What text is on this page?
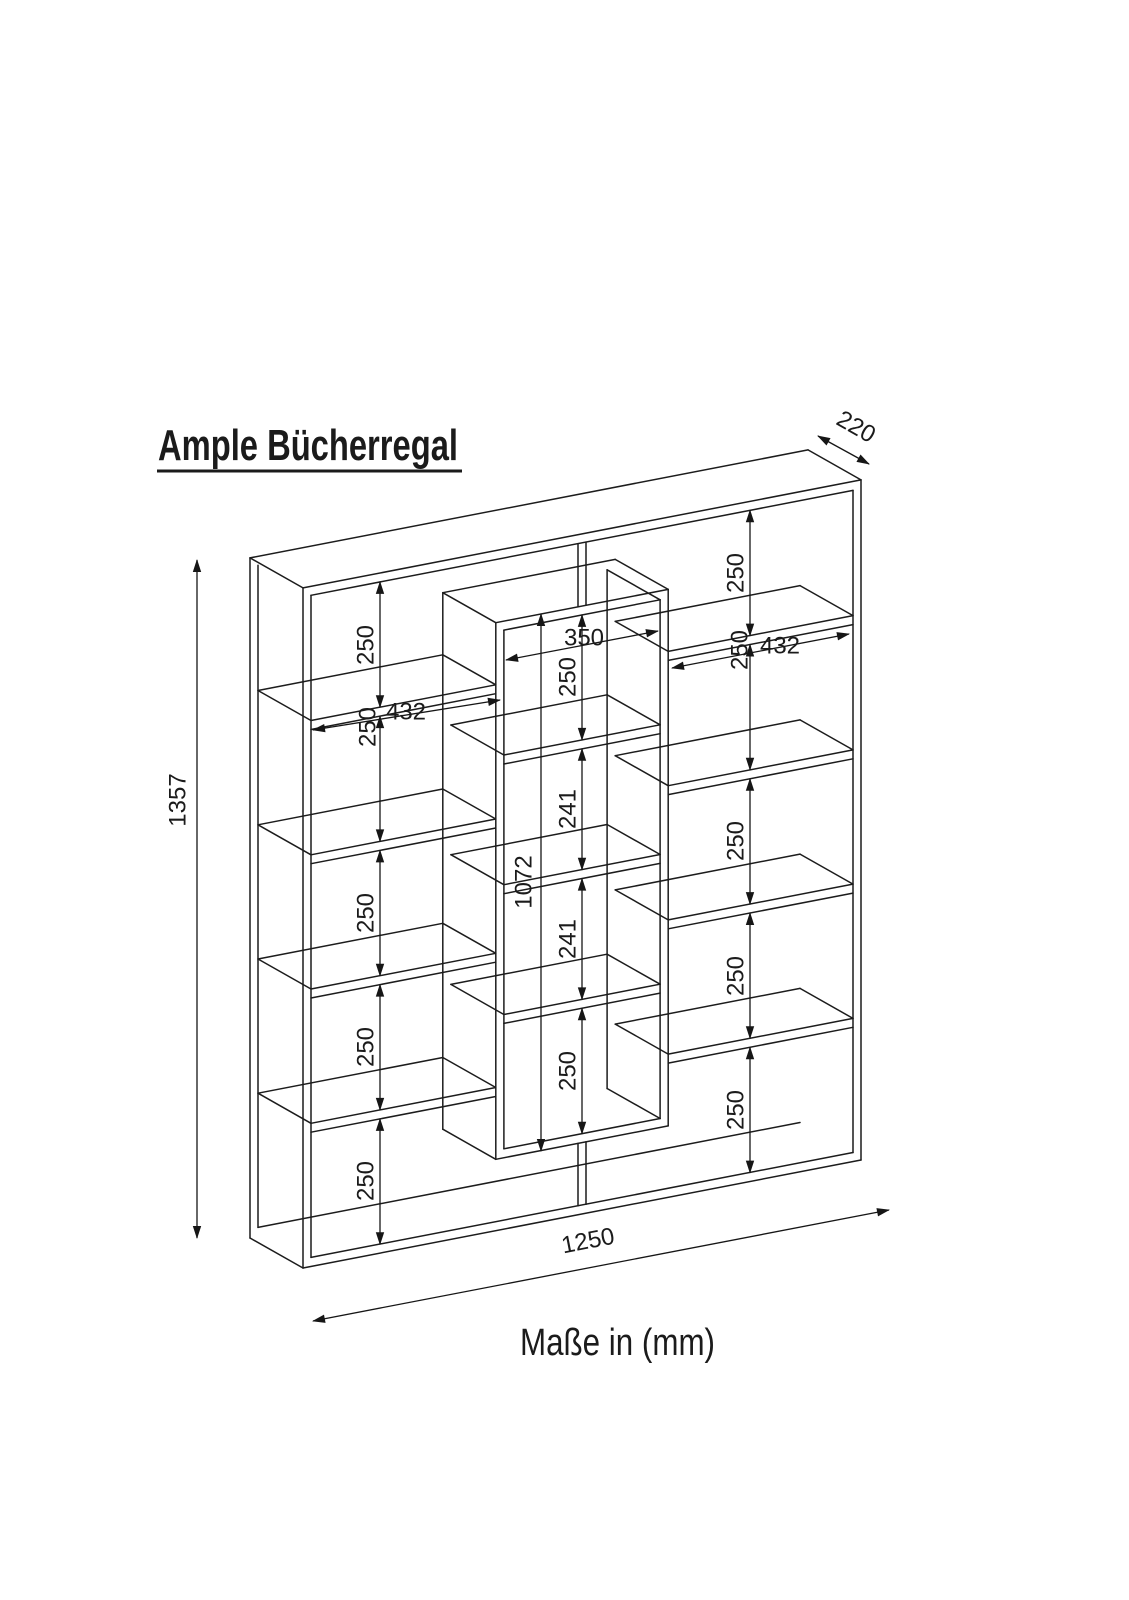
Ample Bücherregal
1357
220
1250
250
250
250
250
250
432
250
250
250
250
250
432
250
241
241
250
350
1072
Maße in (mm)
